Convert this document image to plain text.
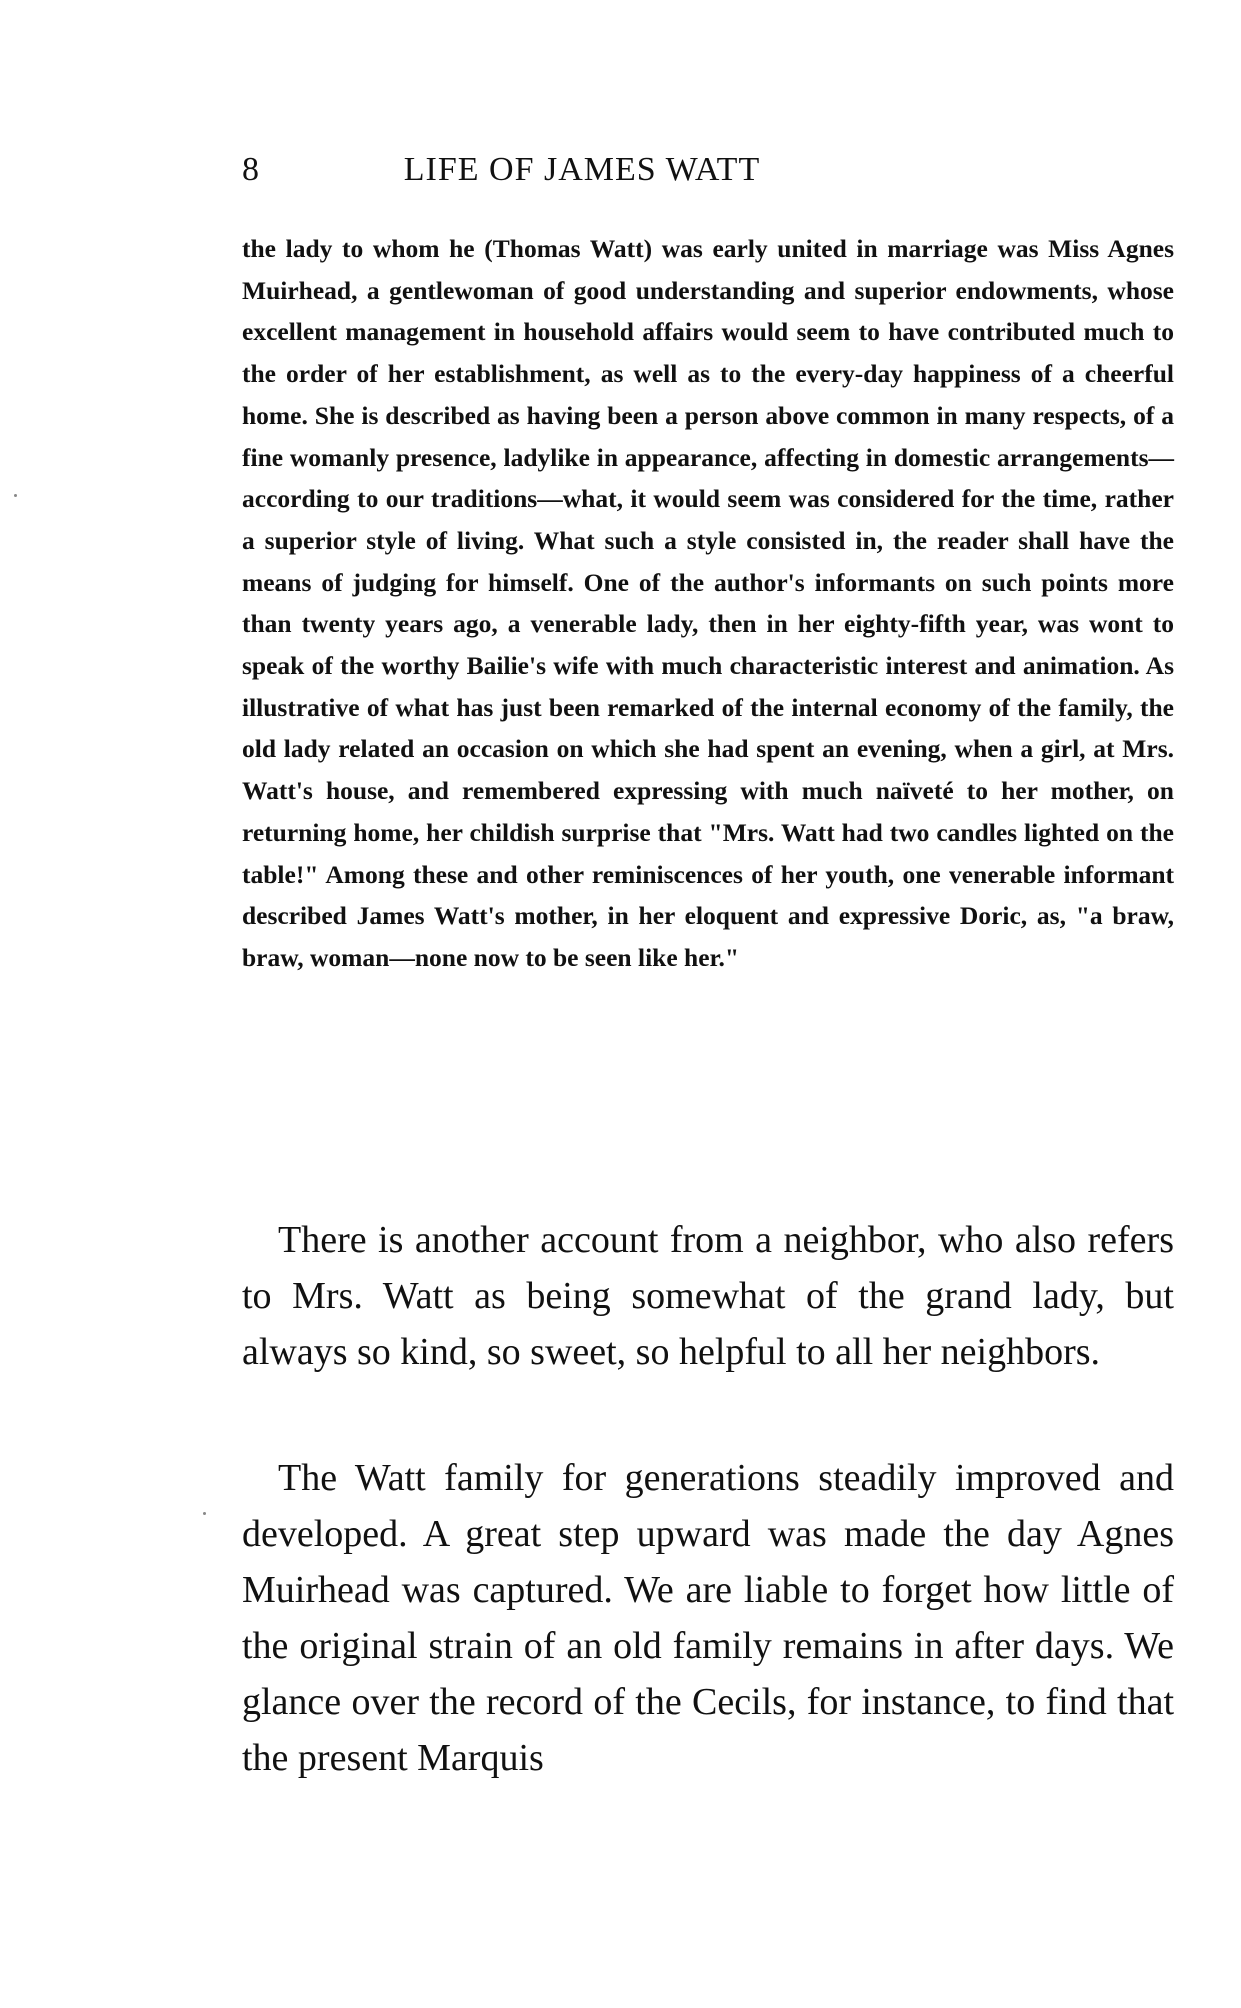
8	LIFE OF JAMES WATT

the lady to whom he (Thomas Watt) was early united in marriage was Miss Agnes Muirhead, a gentlewoman of good understanding and superior endowments, whose excellent management in household affairs would seem to have contributed much to the order of her establishment, as well as to the every-day happiness of a cheerful home. She is described as having been a person above common in many respects, of a fine womanly presence, ladylike in appearance, affecting in domestic arrangements—according to our traditions—what, it would seem was considered for the time, rather a superior style of living. What such a style consisted in, the reader shall have the means of judging for himself. One of the author's informants on such points more than twenty years ago, a venerable lady, then in her eighty-fifth year, was wont to speak of the worthy Bailie's wife with much characteristic interest and animation. As illustrative of what has just been remarked of the internal economy of the family, the old lady related an occasion on which she had spent an evening, when a girl, at Mrs. Watt's house, and remembered expressing with much naïveté to her mother, on returning home, her childish surprise that "Mrs. Watt had two candles lighted on the table!" Among these and other reminiscences of her youth, one venerable informant described James Watt's mother, in her eloquent and expressive Doric, as, "a braw, braw, woman—none now to be seen like her."

There is another account from a neighbor, who also refers to Mrs. Watt as being somewhat of the grand lady, but always so kind, so sweet, so helpful to all her neighbors.

The Watt family for generations steadily improved and developed. A great step upward was made the day Agnes Muirhead was captured. We are liable to forget how little of the original strain of an old family remains in after days. We glance over the record of the Cecils, for instance, to find that the present Marquis
